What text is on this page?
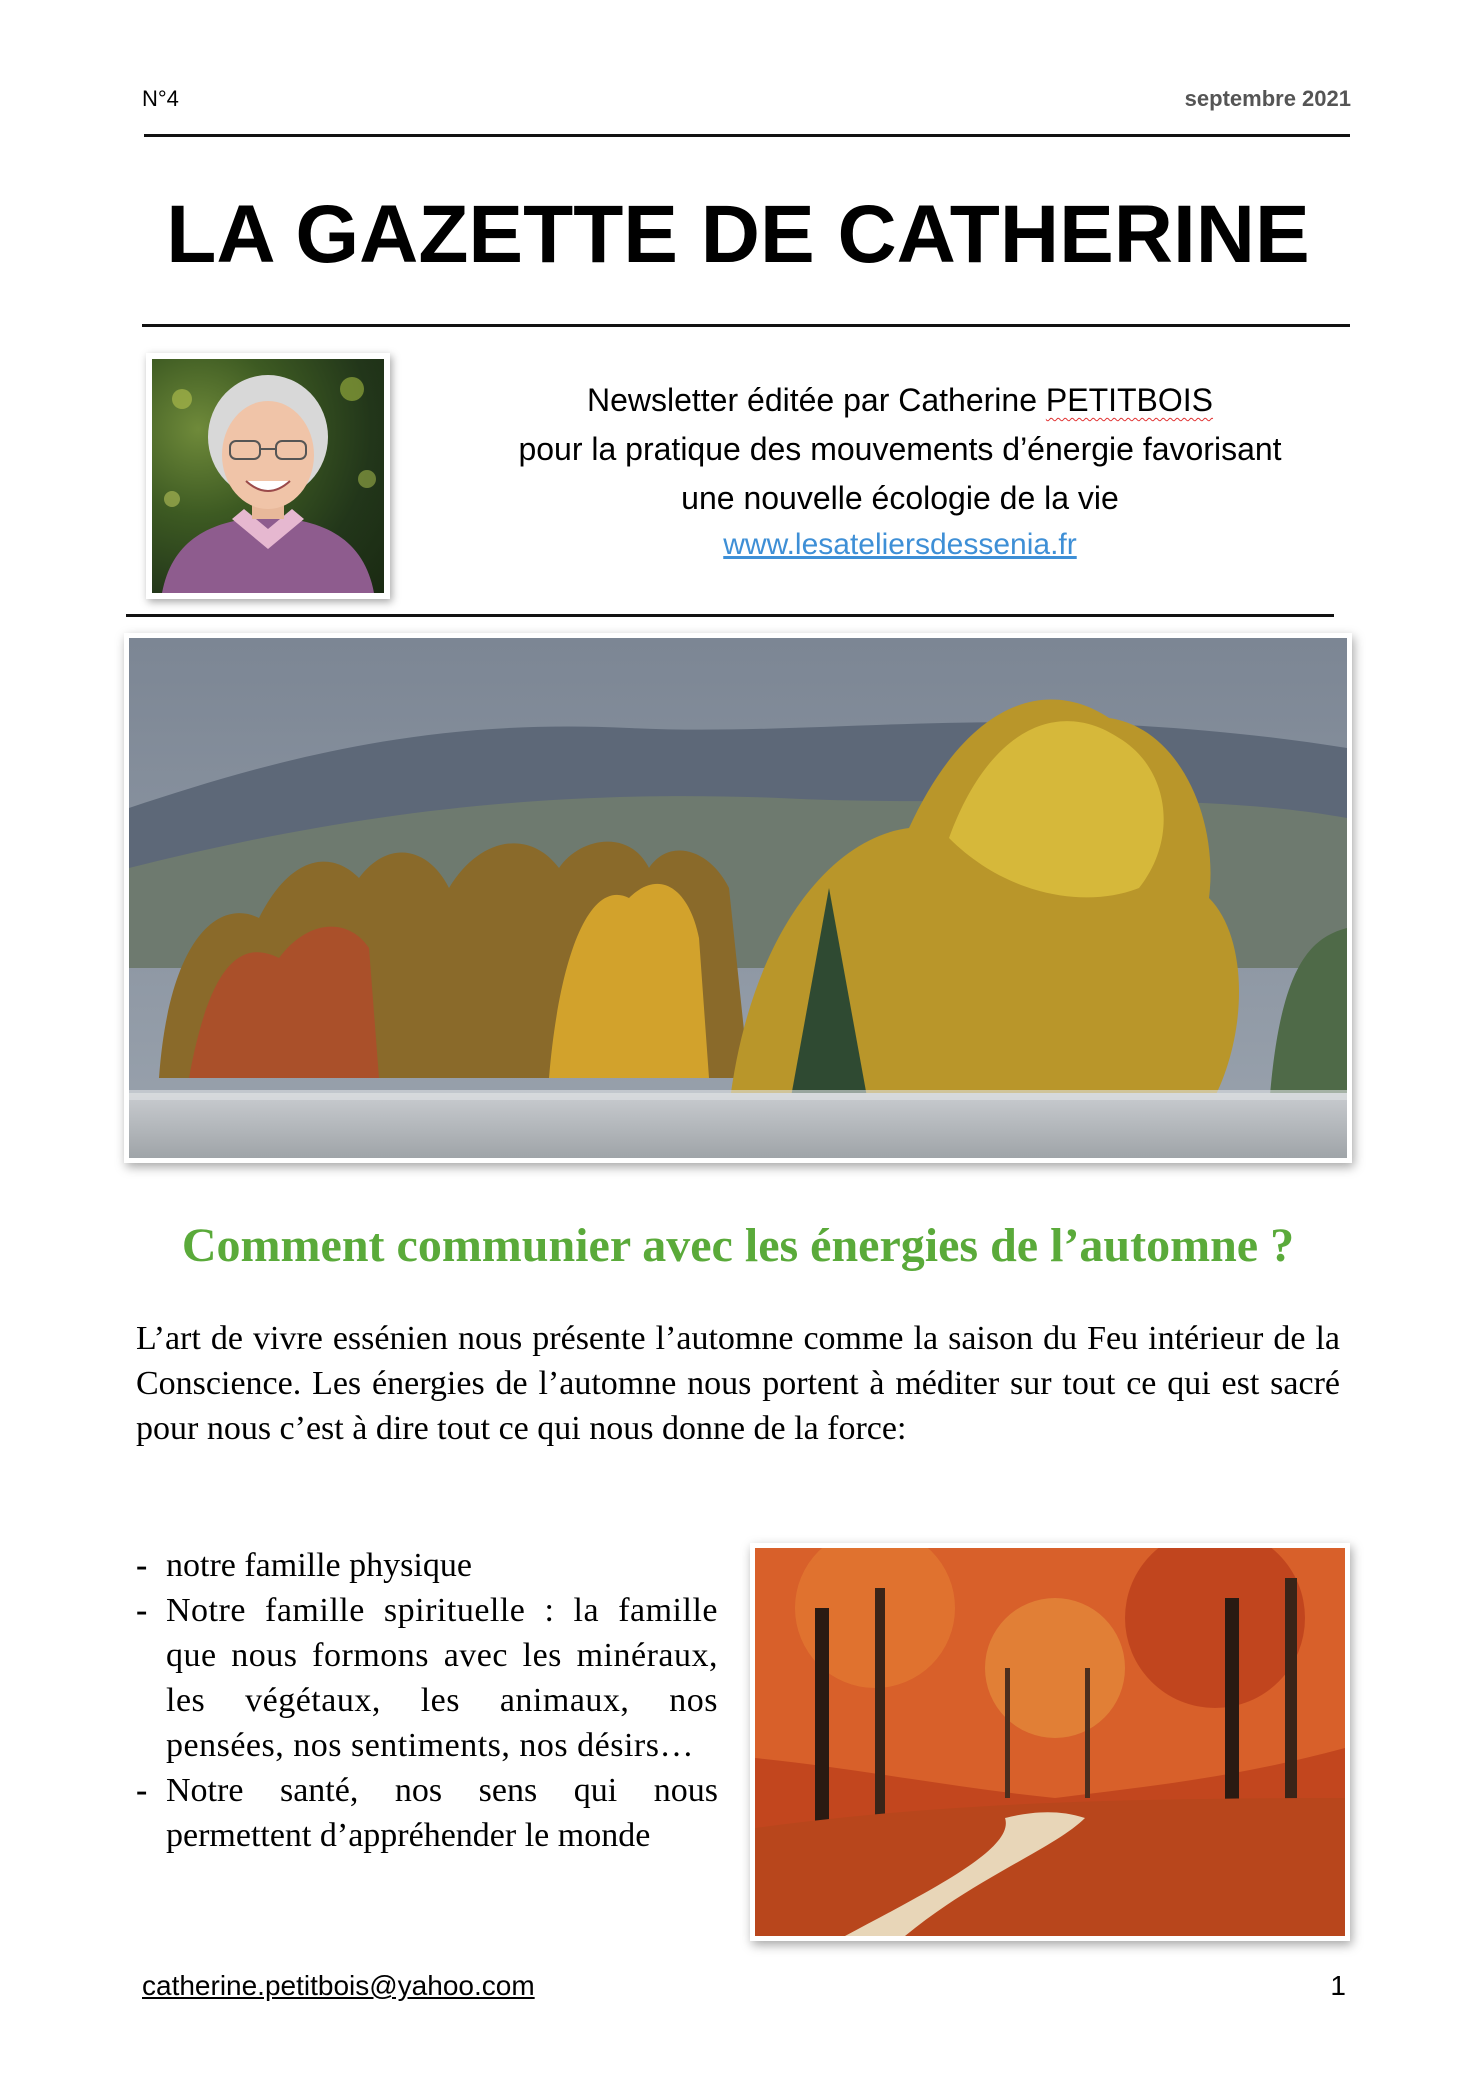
N°4	septembre 2021
LA GAZETTE DE CATHERINE
Newsletter éditée par Catherine PETITBOIS
pour la pratique des mouvements d’énergie favorisant
une nouvelle écologie de la vie
www.lesateliersdessenia.fr
Comment communier avec les énergies de l’automne ?
L’art de vivre essénien nous présente l’automne comme la saison du Feu intérieur de la Conscience. Les énergies de l’automne nous portent à méditer sur tout ce qui est sacré pour nous c’est à dire tout ce qui nous donne de la force:
- notre famille physique
- Notre famille spirituelle : la famille que nous formons avec les minéraux, les végétaux, les animaux, nos pensées, nos sentiments, nos désirs…
- Notre santé, nos sens qui nous permettent d’appréhender le monde
catherine.petitbois@yahoo.com	1
